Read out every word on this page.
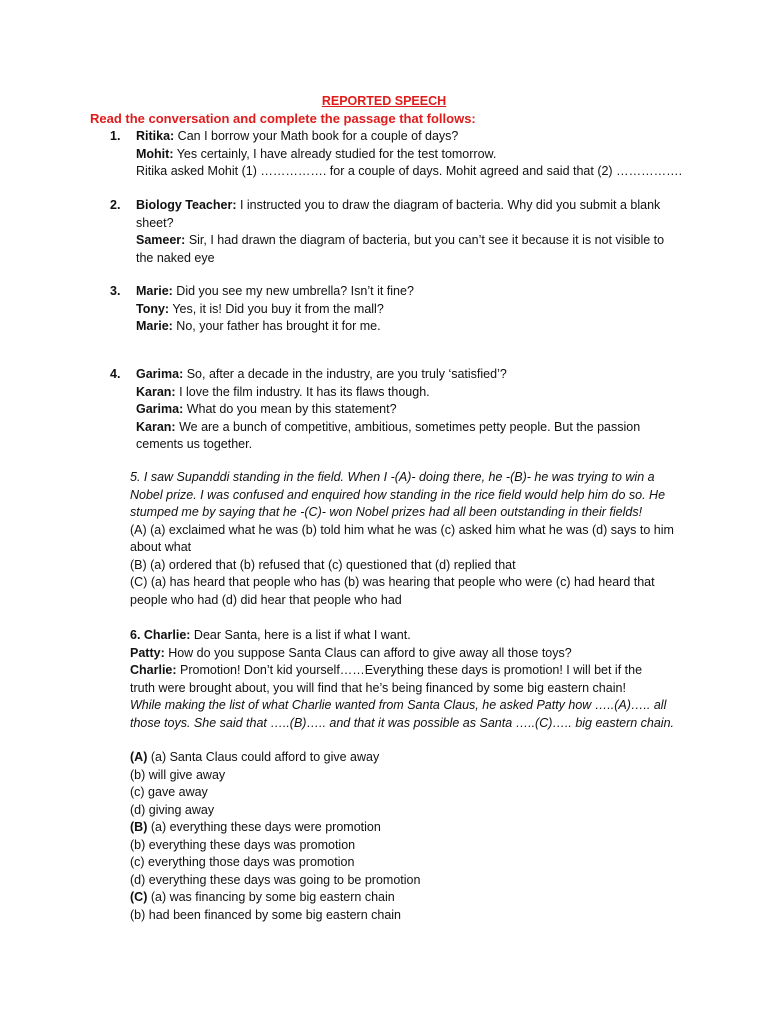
REPORTED SPEECH
Read the conversation and complete the passage that follows:
1. Ritika: Can I borrow your Math book for a couple of days?
Mohit: Yes certainly, I have already studied for the test tomorrow.
Ritika asked Mohit (1) ……………. for a couple of days. Mohit agreed and said that (2) …………….
2. Biology Teacher: I instructed you to draw the diagram of bacteria. Why did you submit a blank
sheet?
Sameer: Sir, I had drawn the diagram of bacteria, but you can’t see it because it is not visible to
the naked eye
3. Marie: Did you see my new umbrella? Isn’t it fine?
Tony: Yes, it is! Did you buy it from the mall?
Marie: No, your father has brought it for me.
4. Garima: So, after a decade in the industry, are you truly ‘satisfied’?
Karan: I love the film industry. It has its flaws though.
Garima: What do you mean by this statement?
Karan: We are a bunch of competitive, ambitious, sometimes petty people. But the passion
cements us together.
5. I saw Supanddi standing in the field. When I -(A)- doing there, he -(B)- he was trying to win a
Nobel prize. I was confused and enquired how standing in the rice field would help him do so. He
stumped me by saying that he -(C)- won Nobel prizes had all been outstanding in their fields!
(A) (a) exclaimed what he was (b) told him what he was (c) asked him what he was (d) says to him
about what
(B) (a) ordered that (b) refused that (c) questioned that (d) replied that
(C) (a) has heard that people who has (b) was hearing that people who were (c) had heard that
people who had (d) did hear that people who had
6. Charlie: Dear Santa, here is a list if what I want.
Patty: How do you suppose Santa Claus can afford to give away all those toys?
Charlie: Promotion! Don’t kid yourself……Everything these days is promotion! I will bet if the
truth were brought about, you will find that he’s being financed by some big eastern chain!
While making the list of what Charlie wanted from Santa Claus, he asked Patty how …..(A)….. all
those toys. She said that …..(B)….. and that it was possible as Santa …..(C)….. big eastern chain.
(A) (a) Santa Claus could afford to give away
(b) will give away
(c) gave away
(d) giving away
(B) (a) everything these days were promotion
(b) everything these days was promotion
(c) everything those days was promotion
(d) everything these days was going to be promotion
(C) (a) was financing by some big eastern chain
(b) had been financed by some big eastern chain
